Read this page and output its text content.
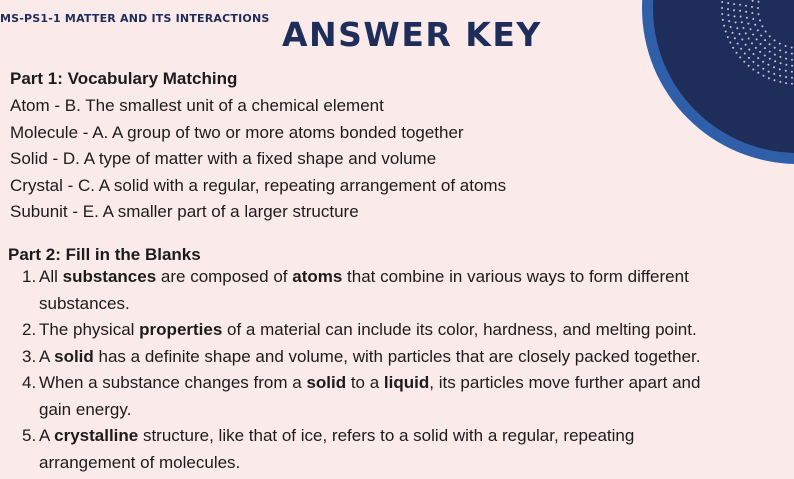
MS-PS1-1 MATTER AND ITS INTERACTIONS ANSWER KEY
Part 1: Vocabulary Matching
Atom - B. The smallest unit of a chemical element
Molecule - A. A group of two or more atoms bonded together
Solid - D. A type of matter with a fixed shape and volume
Crystal - C. A solid with a regular, repeating arrangement of atoms
Subunit - E. A smaller part of a larger structure
Part 2: Fill in the Blanks
1. All substances are composed of atoms that combine in various ways to form different
substances.
2. The physical properties of a material can include its color, hardness, and melting point.
3. A solid has a definite shape and volume, with particles that are closely packed together.
4. When a substance changes from a solid to a liquid, its particles move further apart and
gain energy.
5. A crystalline structure, like that of ice, refers to a solid with a regular, repeating
arrangement of molecules.
